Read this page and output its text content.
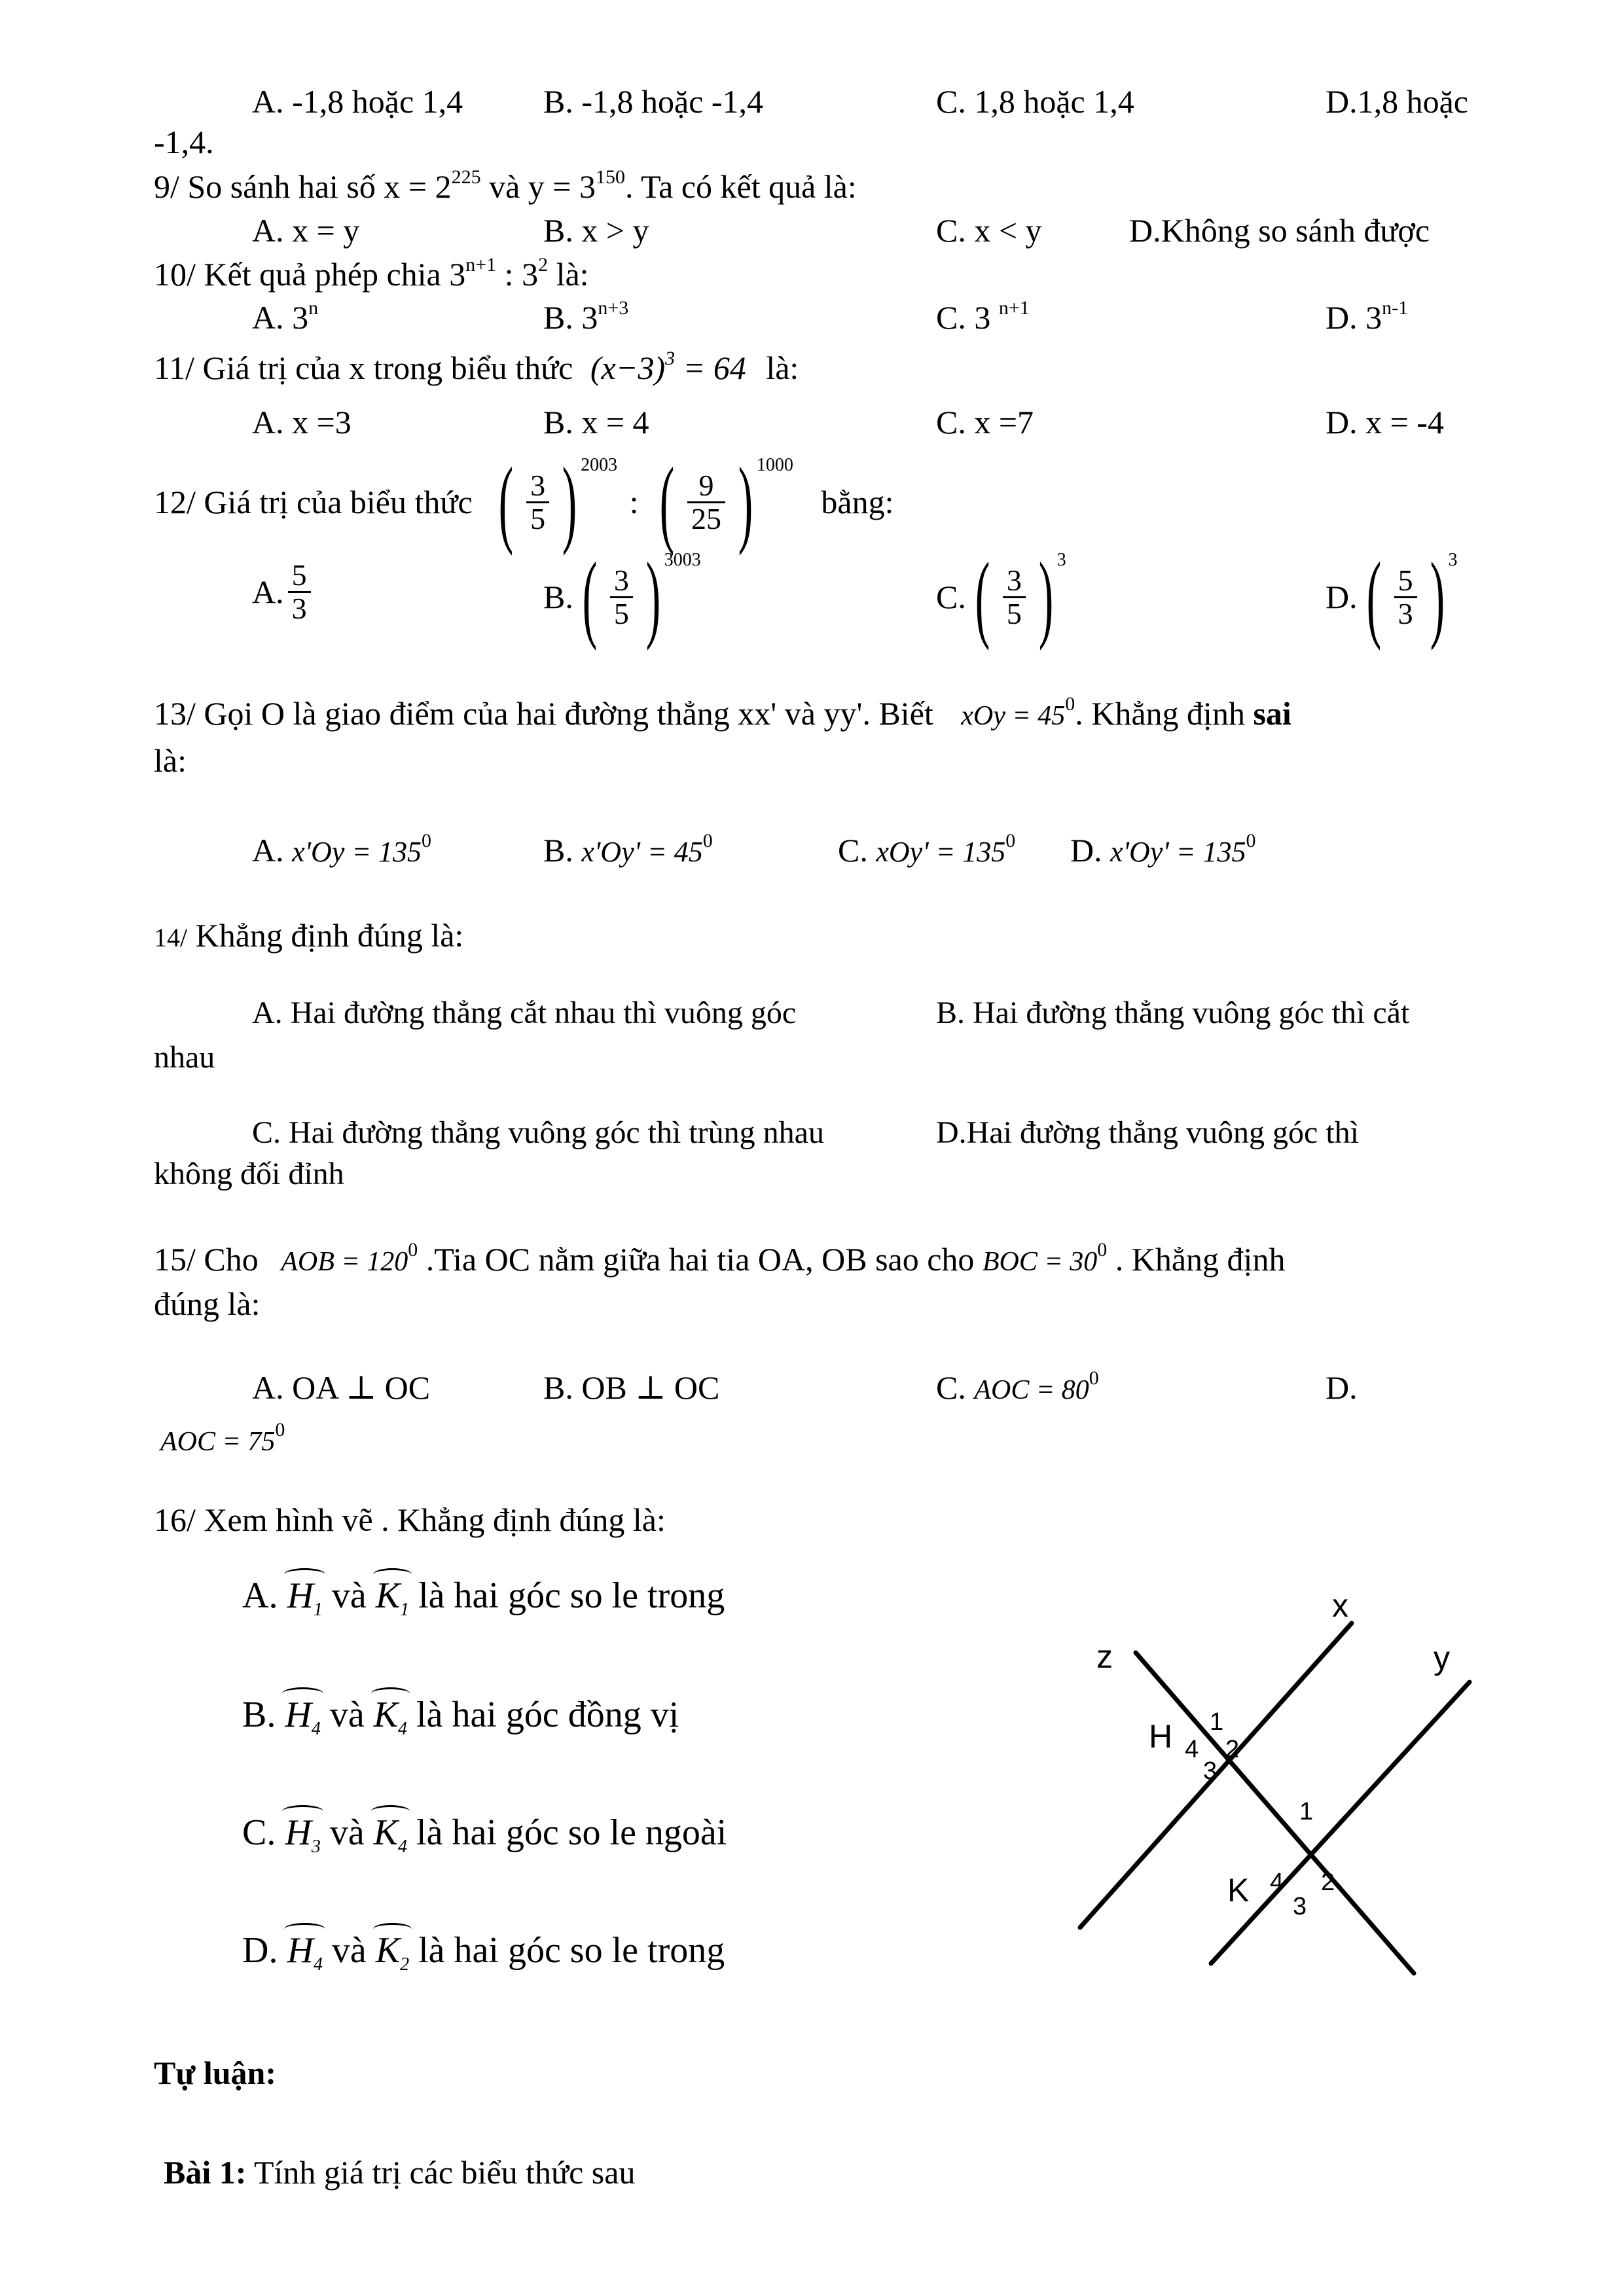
A. -1,8 hoặc 1,4 B. -1,8 hoặc -1,4	C. 1,8 hoặc 1,4	D.1,8 hoặc
-1,4.
9/ So sánh hai số $x = 2^{225}$ và $y = 3^{150}$. Ta có kết quả là:
A. x = y	B. x > y	C. x < y	D.Không so sánh được
10/ Kết quả phép chia $3^{n+1}$ : $3^2$ là:
A. 3$^n$	B. $3^{n+3}$	C. 3 $^{n+1}$	D. 3$^{n-1}$
11/ Giá trị của x trong biểu thức $(x-3)^3 = 64$ là:
A. x =3	B. x = 4	C. x =7	D. x = -4
12/ Giá trị của biểu thức ( $\frac{3}{5}$ ) $^{2003}$ : ( $\frac{9}{25}$ ) $^{1000}$ bằng:
A. $\frac{5}{3}$	$B.( \frac{3}{5}$ ) $^{3003}$
$C.( \frac{3}{5}$ ) $^3$
$D.( \frac{5}{3}$ ) $^3$
13/ Gọi O là giao điểm của hai đường thẳng xx' và yy'. Biết xOy = $45^0$. Khẳng định sai
là:
A. $x'Oy = 135^0$	B. $x'Oy' = 45^0$	C. $xOy' = 135^0$ D. $x'Oy' = 135^0$
14/ Khẳng định đúng là:
A. Hai đường thẳng cắt nhau thì vuông góc	B. Hai đường thẳng vuông góc thì cắt
nhau
C. Hai đường thẳng vuông góc thì trùng nhau	D.Hai đường thẳng vuông góc thì
không đối đỉnh
15/ Cho AOB = $120^0$ .Tia OC nằm giữa hai tia OA, OB sao cho BOC = $30^0$ . Khẳng định
đúng là:
A. OA ⊥ OC	B. OB ⊥ OC	C. AOC = $80^0$	D.
AOC = $75^0$
16/ Xem hình vẽ . Khẳng định đúng là:
A. $H_1$ và $K_1$ là hai góc so le trong
B. $H_4$ và $K_4$ là hai góc đồng vị
C. $H_3$ và $K_4$ là hai góc so le ngoài
D. $H_4$ và $K_2$ là hai góc so le trong
x
y
z
H
K
1
2
3
4
1
2
3
4
Tự luận:
Bài 1: Tính giá trị các biểu thức sau
